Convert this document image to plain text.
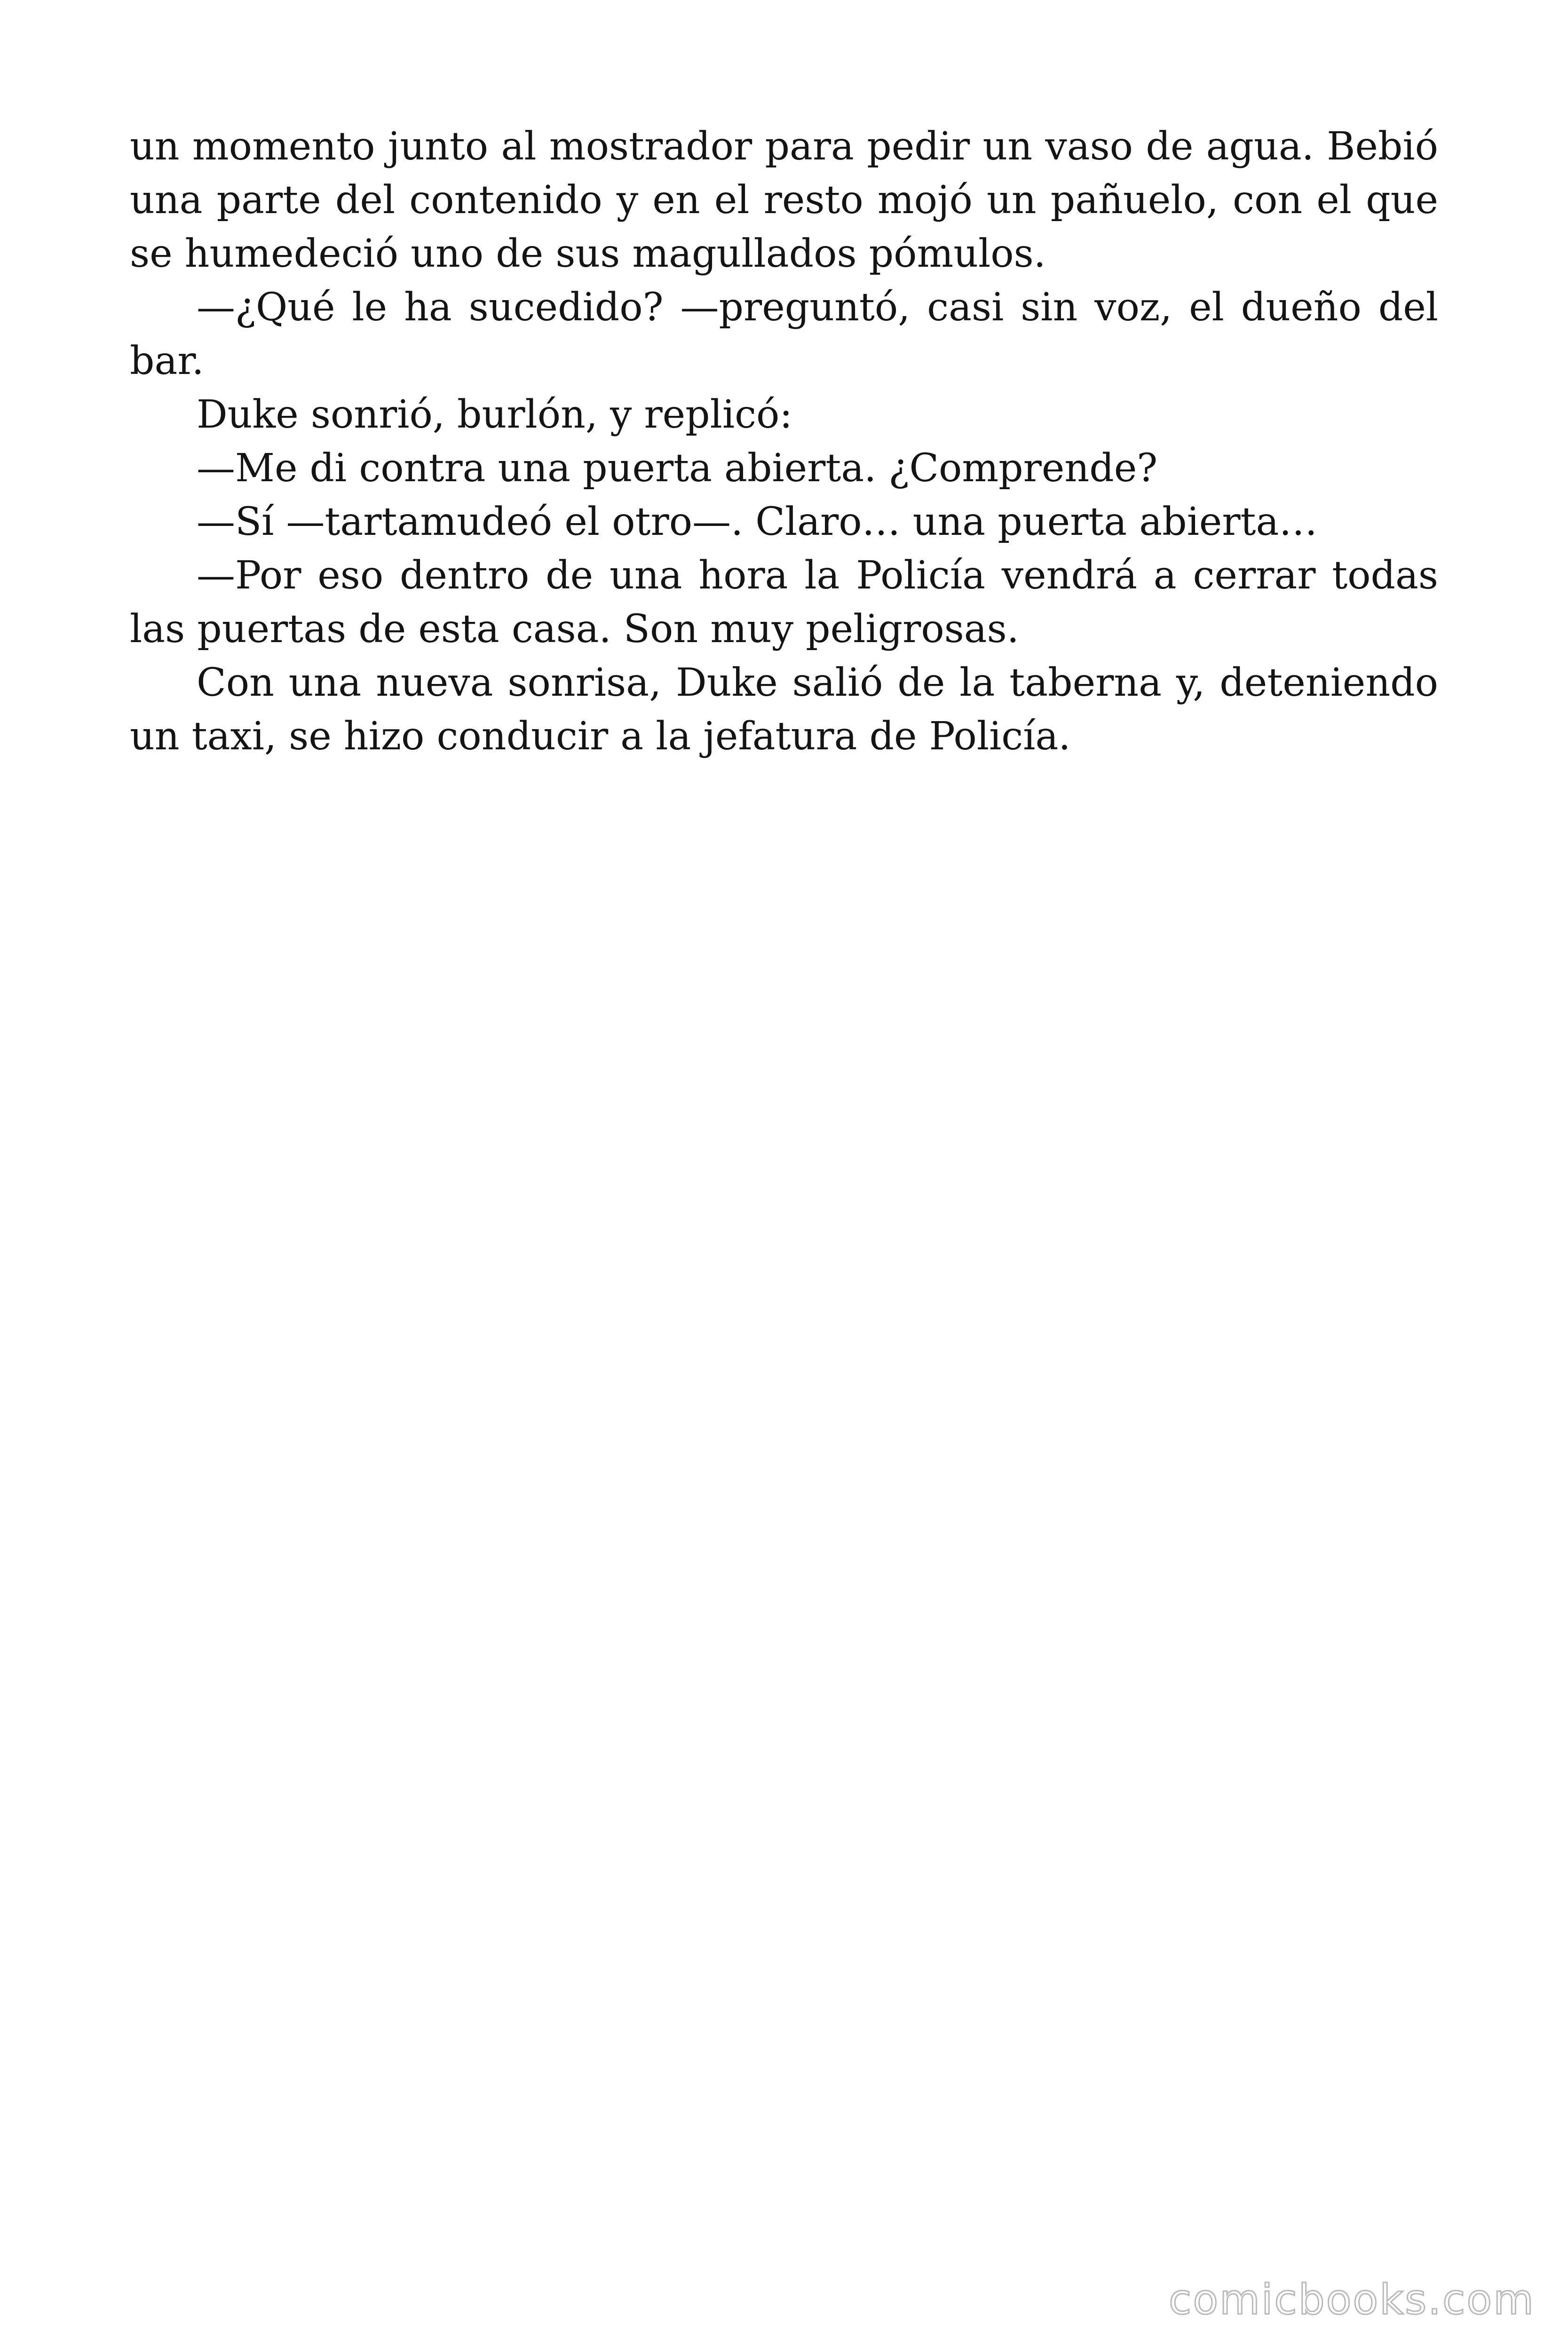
un momento junto al mostrador para pedir un vaso de agua. Bebió una parte del contenido y en el resto mojó un pañuelo, con el que se humedeció uno de sus magullados pómulos.

—¿Qué le ha sucedido? —preguntó, casi sin voz, el dueño del bar.

Duke sonrió, burlón, y replicó:

—Me di contra una puerta abierta. ¿Comprende?

—Sí —tartamudeó el otro—. Claro… una puerta abierta…

—Por eso dentro de una hora la Policía vendrá a cerrar todas las puertas de esta casa. Son muy peligrosas.

Con una nueva sonrisa, Duke salió de la taberna y, deteniendo un taxi, se hizo conducir a la jefatura de Policía.

comicbooks.com
